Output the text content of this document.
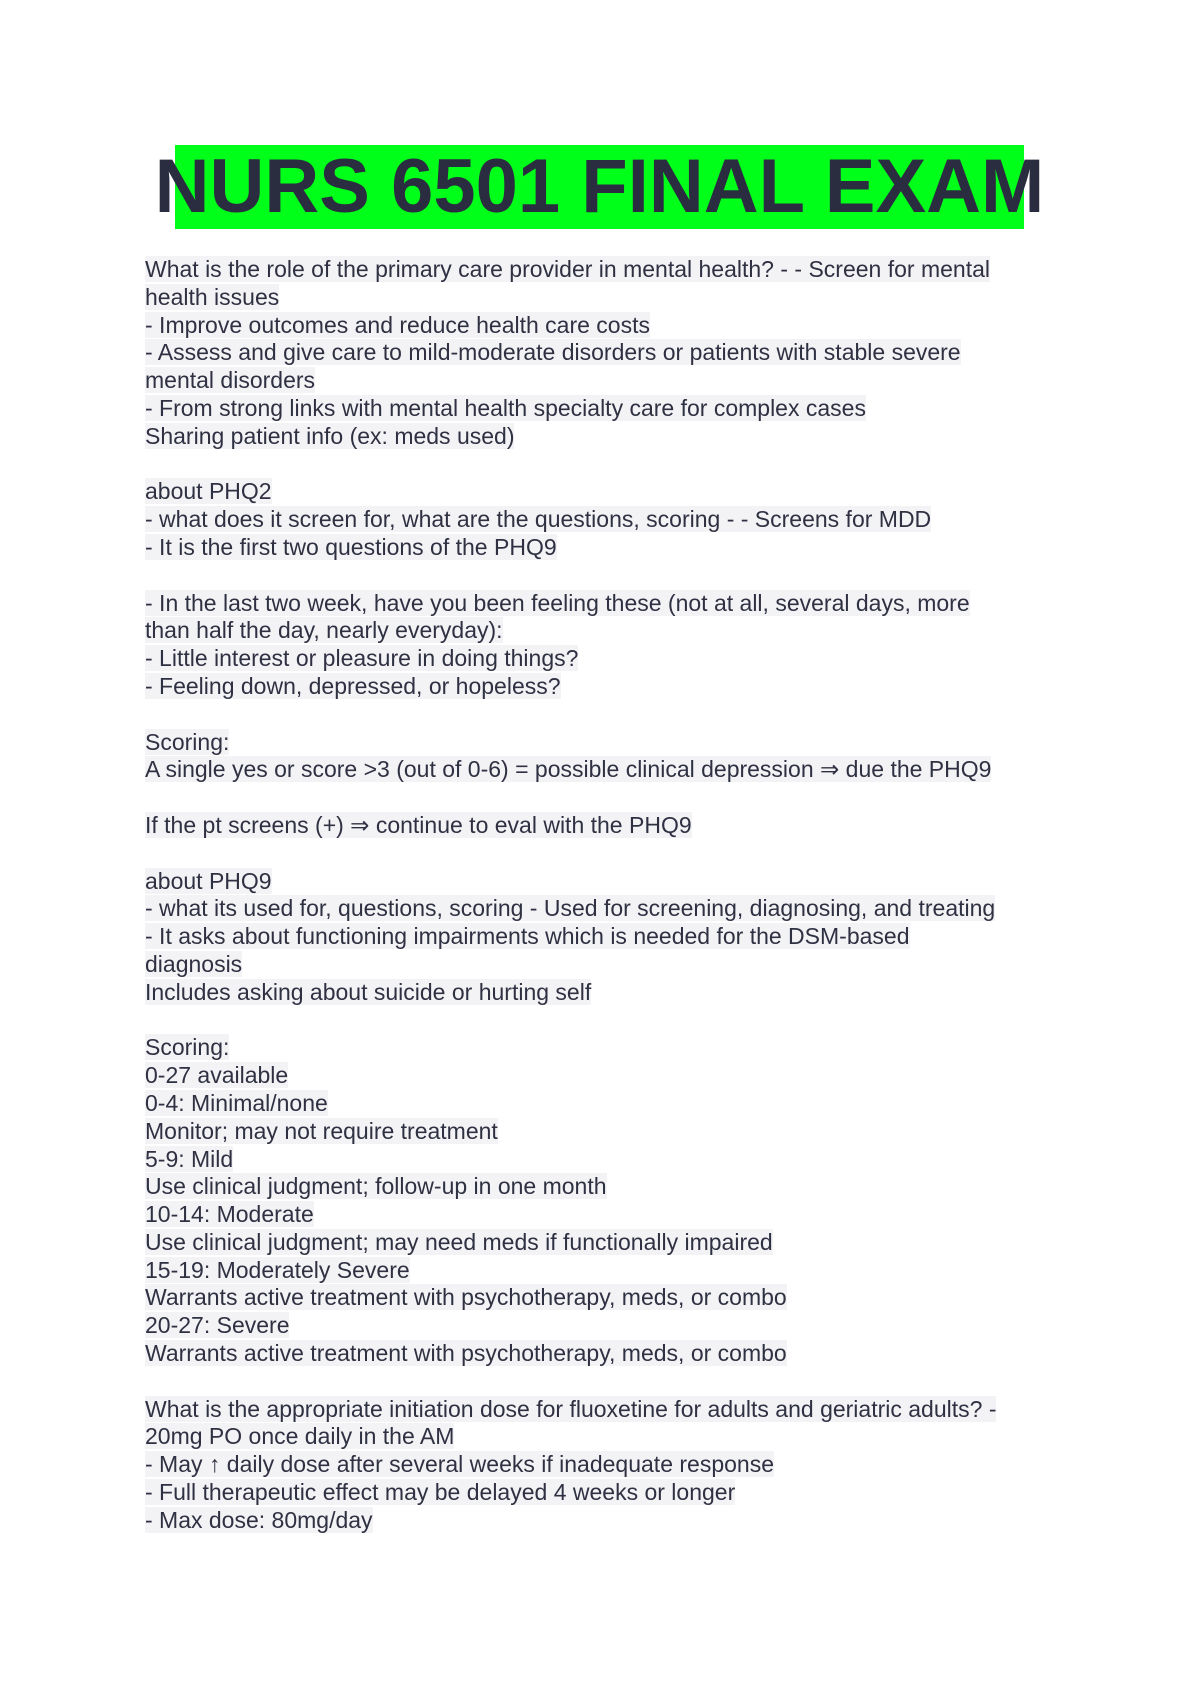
NURS 6501 FINAL EXAM
What is the role of the primary care provider in mental health? - - Screen for mental
health issues
- Improve outcomes and reduce health care costs
- Assess and give care to mild-moderate disorders or patients with stable severe
mental disorders
- From strong links with mental health specialty care for complex cases
Sharing patient info (ex: meds used)
about PHQ2
- what does it screen for, what are the questions, scoring - - Screens for MDD
- It is the first two questions of the PHQ9
- In the last two week, have you been feeling these (not at all, several days, more
than half the day, nearly everyday):
- Little interest or pleasure in doing things?
- Feeling down, depressed, or hopeless?
Scoring:
A single yes or score >3 (out of 0-6) = possible clinical depression ⇒ due the PHQ9
If the pt screens (+) ⇒ continue to eval with the PHQ9
about PHQ9
- what its used for, questions, scoring - Used for screening, diagnosing, and treating
- It asks about functioning impairments which is needed for the DSM-based
diagnosis
Includes asking about suicide or hurting self
Scoring:
0-27 available
0-4: Minimal/none
Monitor; may not require treatment
5-9: Mild
Use clinical judgment; follow-up in one month
10-14: Moderate
Use clinical judgment; may need meds if functionally impaired
15-19: Moderately Severe
Warrants active treatment with psychotherapy, meds, or combo
20-27: Severe
Warrants active treatment with psychotherapy, meds, or combo
What is the appropriate initiation dose for fluoxetine for adults and geriatric adults? -
20mg PO once daily in the AM
- May ↑ daily dose after several weeks if inadequate response
- Full therapeutic effect may be delayed 4 weeks or longer
- Max dose: 80mg/day
